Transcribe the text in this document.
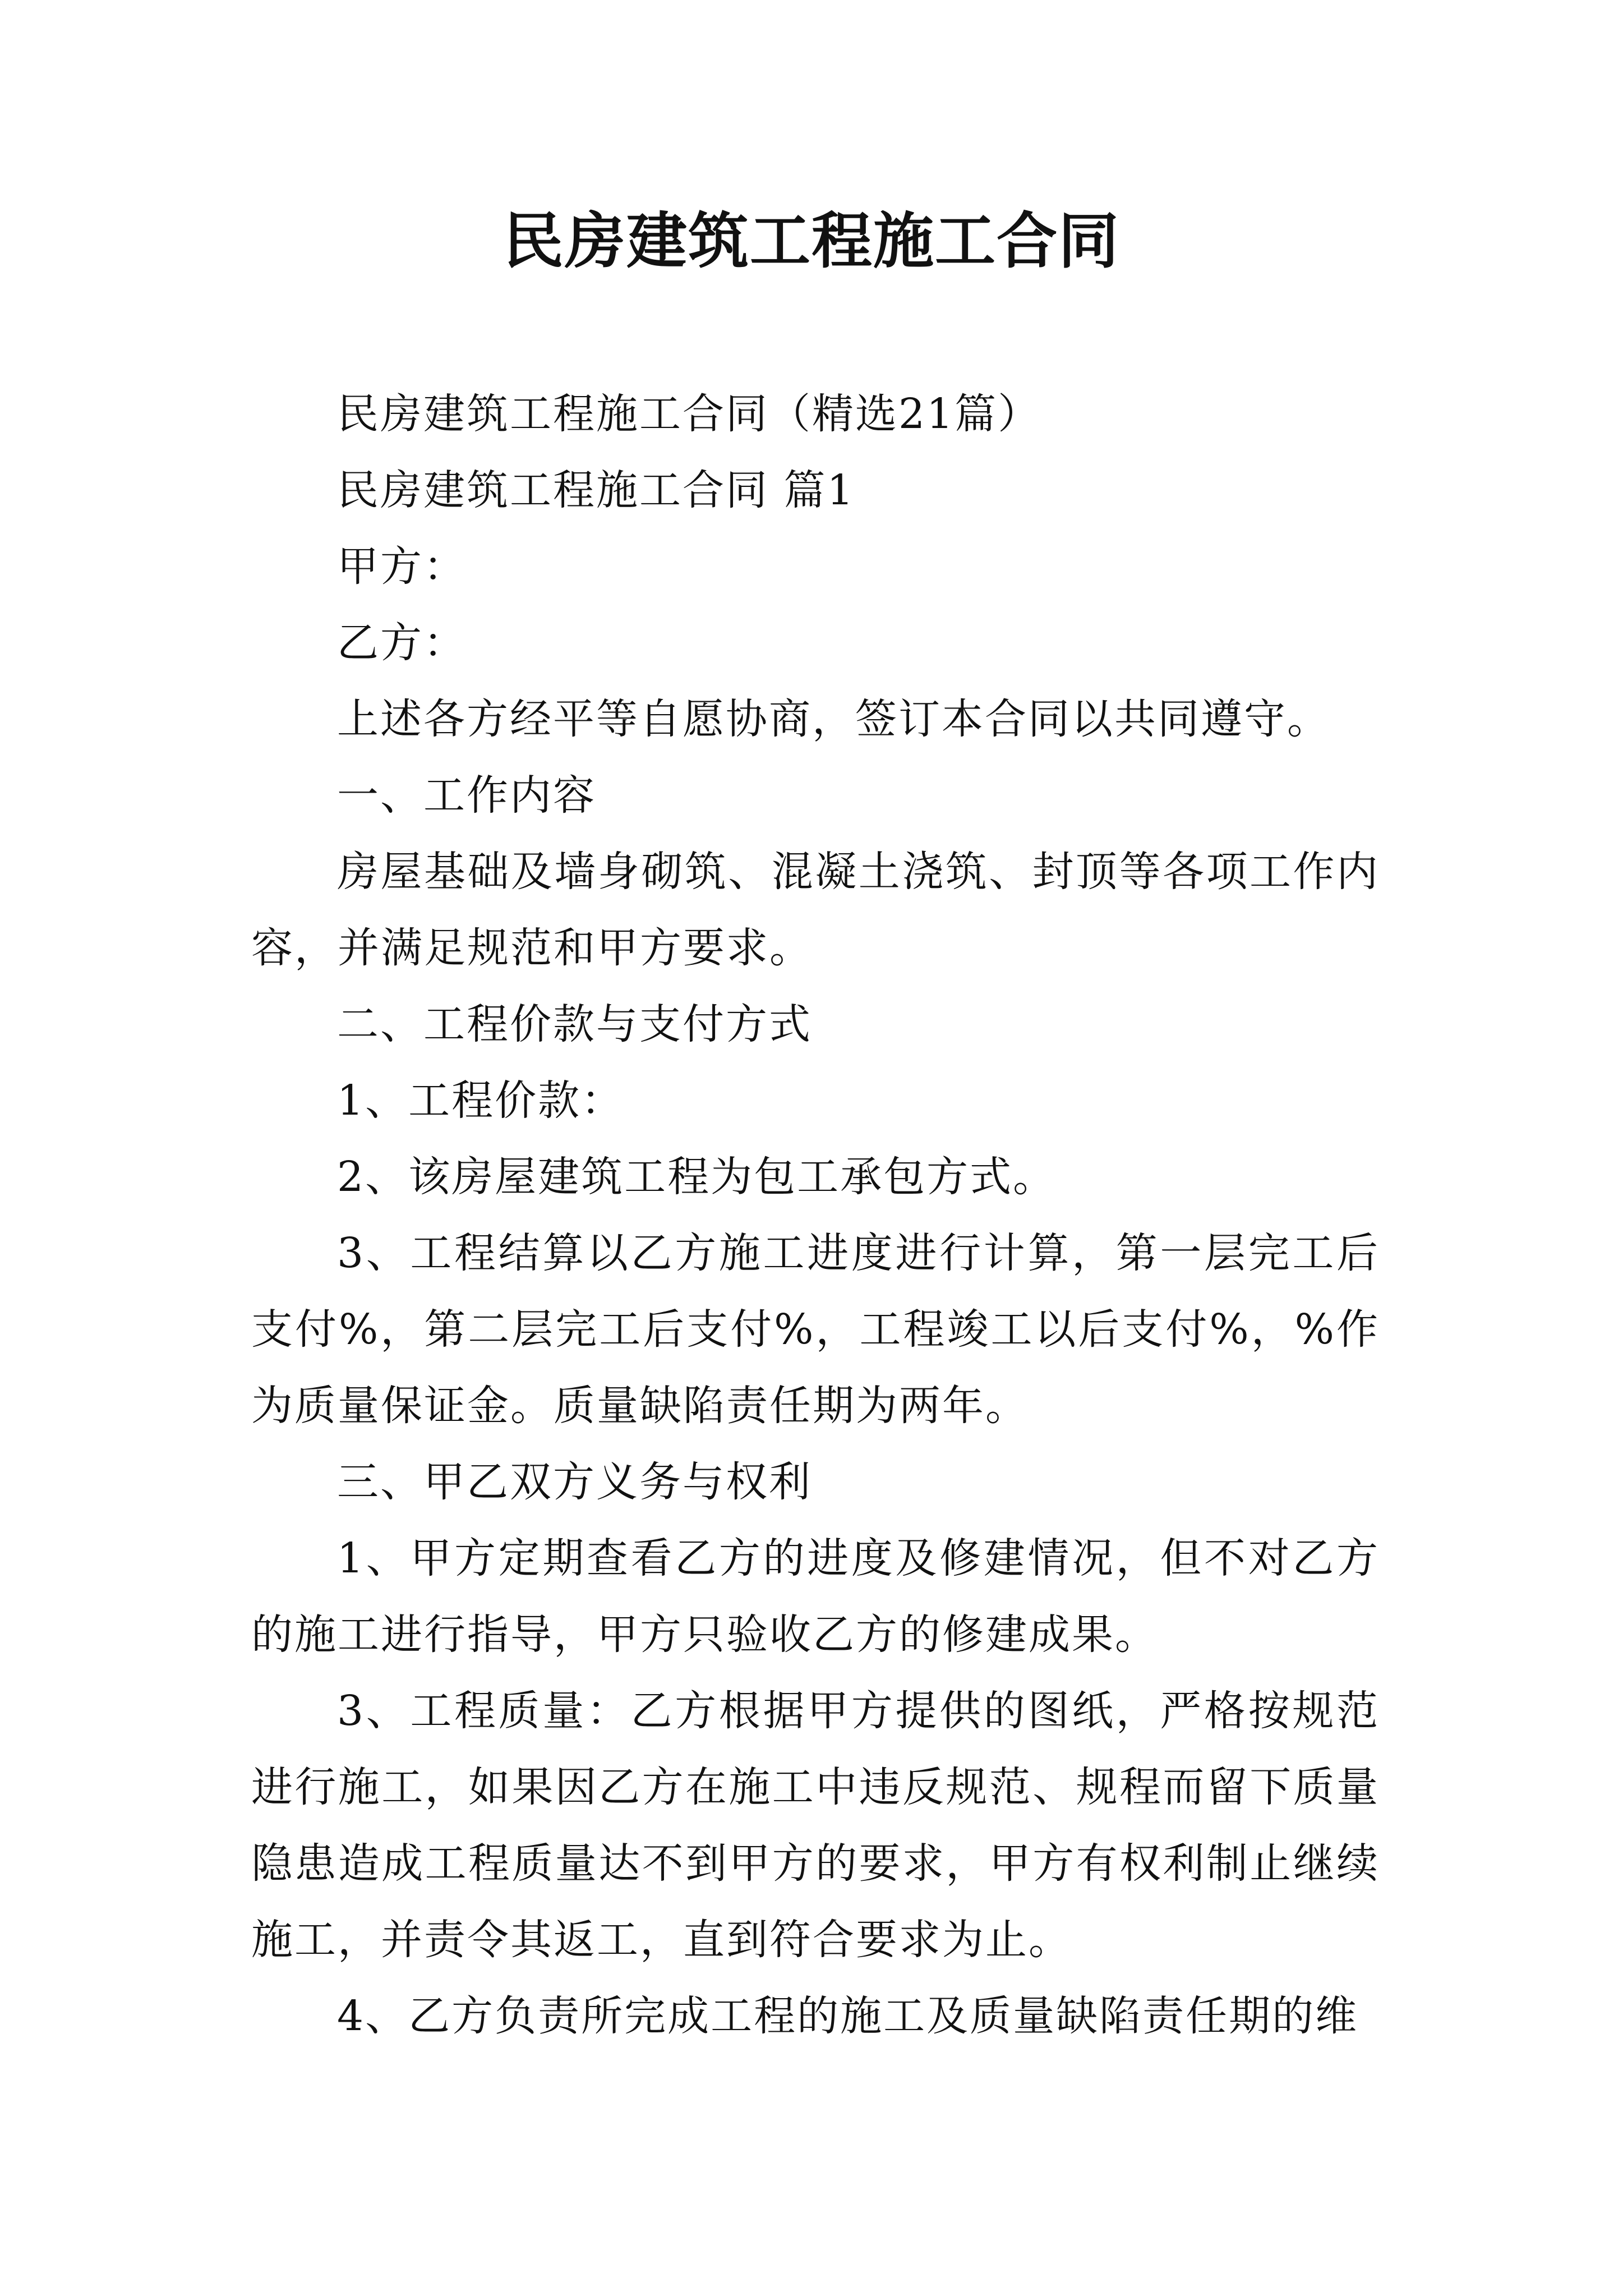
民房建筑工程施工合同

民房建筑工程施工合同（精选21篇）

民房建筑工程施工合同 篇1

甲方：

乙方：

上述各方经平等自愿协商，签订本合同以共同遵守。

一、工作内容

房屋基础及墙身砌筑、混凝土浇筑、封顶等各项工作内容，并满足规范和甲方要求。

二、工程价款与支付方式

1、工程价款：

2、该房屋建筑工程为包工承包方式。

3、工程结算以乙方施工进度进行计算，第一层完工后支付%，第二层完工后支付%，工程竣工以后支付%，%作为质量保证金。质量缺陷责任期为两年。

三、甲乙双方义务与权利

1、甲方定期查看乙方的进度及修建情况，但不对乙方的施工进行指导，甲方只验收乙方的修建成果。

3、工程质量：乙方根据甲方提供的图纸，严格按规范进行施工，如果因乙方在施工中违反规范、规程而留下质量隐患造成工程质量达不到甲方的要求，甲方有权利制止继续施工，并责令其返工，直到符合要求为止。

4、乙方负责所完成工程的施工及质量缺陷责任期的维
